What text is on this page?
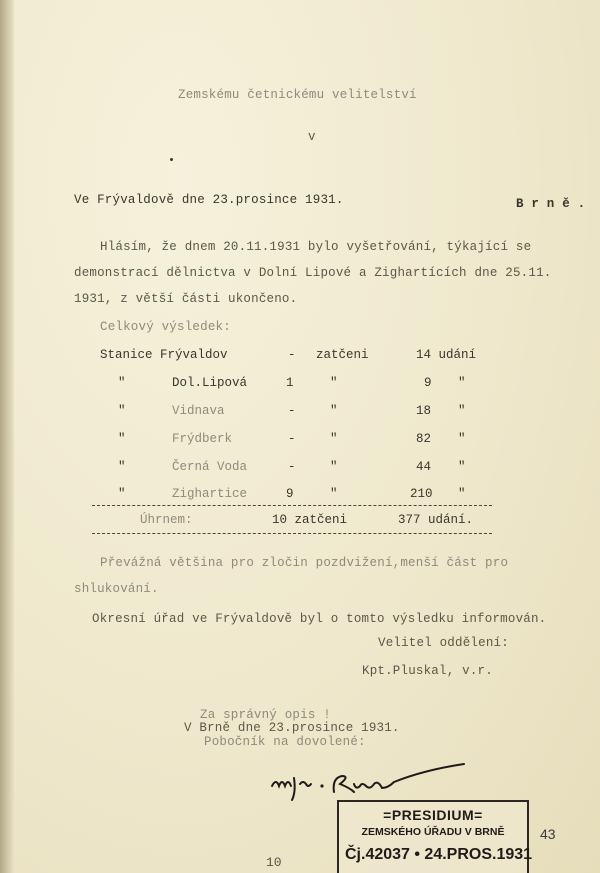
Zemskému četnickému velitelství
v
Ve Frývaldově dne 23.prosince 1931.	B r n ě .
Hlásím, že dnem 20.11.1931 bylo vyšetřování, týkající se
demonstrací dělnictva v Dolní Lipové a Zighartících dne 25.11.
1931, z větší části ukončeno.
Celkový výsledek:
Stanice Frývaldov	- zatčeni	14 udání
"	Dol.Lipová	1	"	9 "
"	Vidnava	-	"	18 "
"	Frýdberk	-	"	82 "
"	Černá Voda	-	"	44 "
"	Zighartice	9	"	210 "
Úhrnem:	10 zatčeni	377 udání.
Převážná většina pro zločin pozdvižení,menší část pro
shlukování.
Okresní úřad ve Frývaldově byl o tomto výsledku informován.
Velitel oddělení:
Kpt.Pluskal, v.r.
Za správný opis !
V Brně dne 23.prosince 1931.
Pobočník na dovolené:
=PRESIDIUM=
ZEMSKÉHO ÚŘADU V BRNĚ
Čj.42037 • 24.PROS.1931
43
10
